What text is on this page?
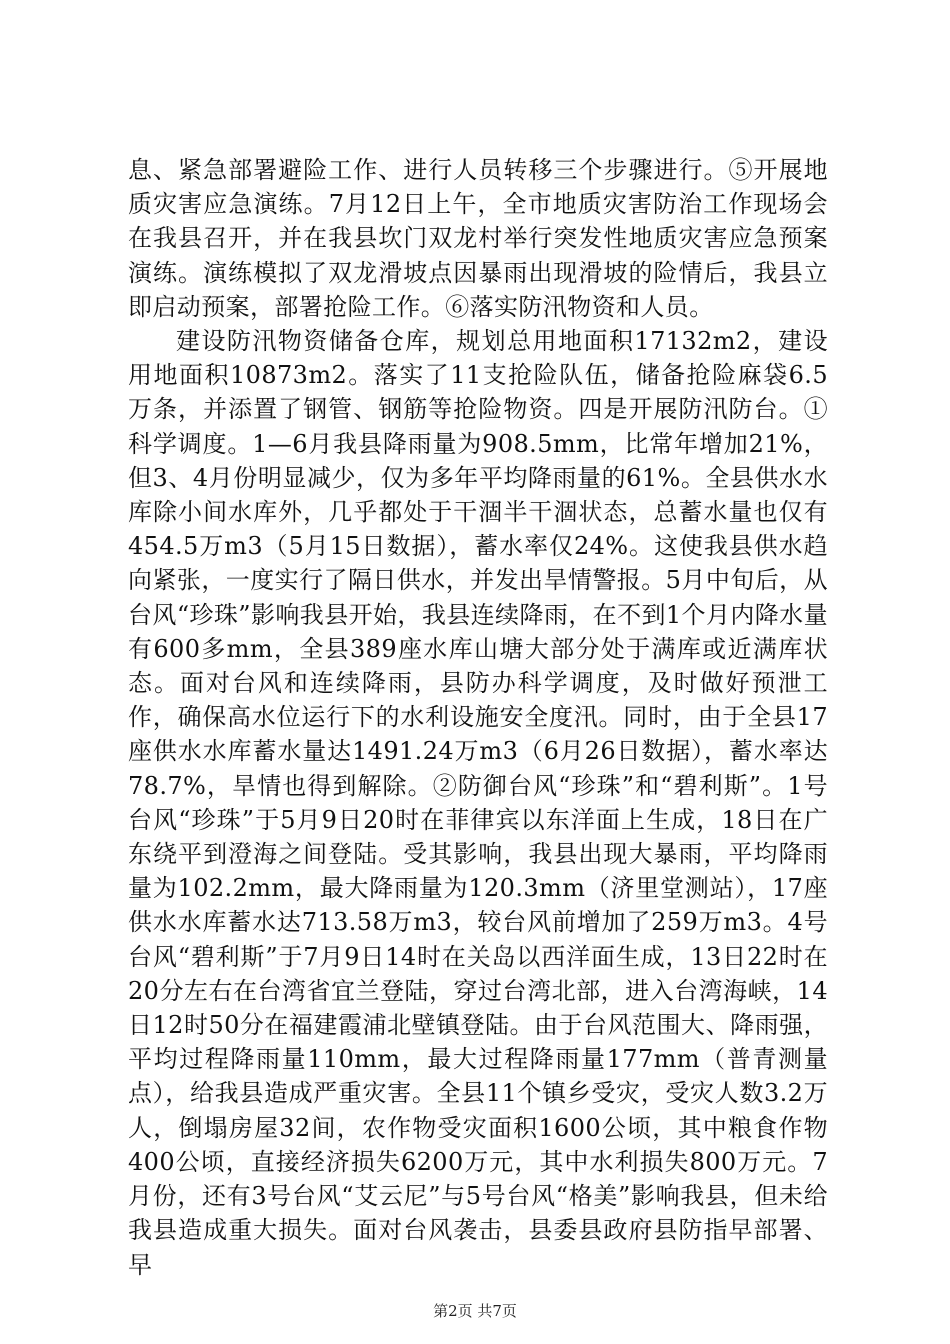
息、紧急部署避险工作、进行人员转移三个步骤进行。⑤开展地质灾害应急演练。7月12日上午，全市地质灾害防治工作现场会在我县召开，并在我县坎门双龙村举行突发性地质灾害应急预案演练。演练模拟了双龙滑坡点因暴雨出现滑坡的险情后，我县立即启动预案，部署抢险工作。⑥落实防汛物资和人员。

建设防汛物资储备仓库，规划总用地面积17132m2，建设用地面积10873m2。落实了11支抢险队伍，储备抢险麻袋6.5万条，并添置了钢管、钢筋等抢险物资。四是开展防汛防台。①科学调度。1—6月我县降雨量为908.5mm，比常年增加21%，但3、4月份明显减少，仅为多年平均降雨量的61%。全县供水水库除小间水库外，几乎都处于干涸半干涸状态，总蓄水量也仅有454.5万m3（5月15日数据），蓄水率仅24%。这使我县供水趋向紧张，一度实行了隔日供水，并发出旱情警报。5月中旬后，从台风“珍珠”影响我县开始，我县连续降雨，在不到1个月内降水量有600多mm，全县389座水库山塘大部分处于满库或近满库状态。面对台风和连续降雨，县防办科学调度，及时做好预泄工作，确保高水位运行下的水利设施安全度汛。同时，由于全县17座供水水库蓄水量达1491.24万m3（6月26日数据），蓄水率达78.7%，旱情也得到解除。②防御台风“珍珠”和“碧利斯”。1号台风“珍珠”于5月9日20时在菲律宾以东洋面上生成，18日在广东绕平到澄海之间登陆。受其影响，我县出现大暴雨，平均降雨量为102.2mm，最大降雨量为120.3mm（济里堂测站），17座供水水库蓄水达713.58万m3，较台风前增加了259万m3。4号台风“碧利斯”于7月9日14时在关岛以西洋面生成，13日22时在20分左右在台湾省宜兰登陆，穿过台湾北部，进入台湾海峡，14日12时50分在福建霞浦北壁镇登陆。由于台风范围大、降雨强，平均过程降雨量110mm，最大过程降雨量177mm（普青测量点），给我县造成严重灾害。全县11个镇乡受灾，受灾人数3.2万人，倒塌房屋32间，农作物受灾面积1600公顷，其中粮食作物400公顷，直接经济损失6200万元，其中水利损失800万元。7月份，还有3号台风“艾云尼”与5号台风“格美”影响我县，但未给我县造成重大损失。面对台风袭击，县委县政府县防指早部署、早

第2页 共7页
